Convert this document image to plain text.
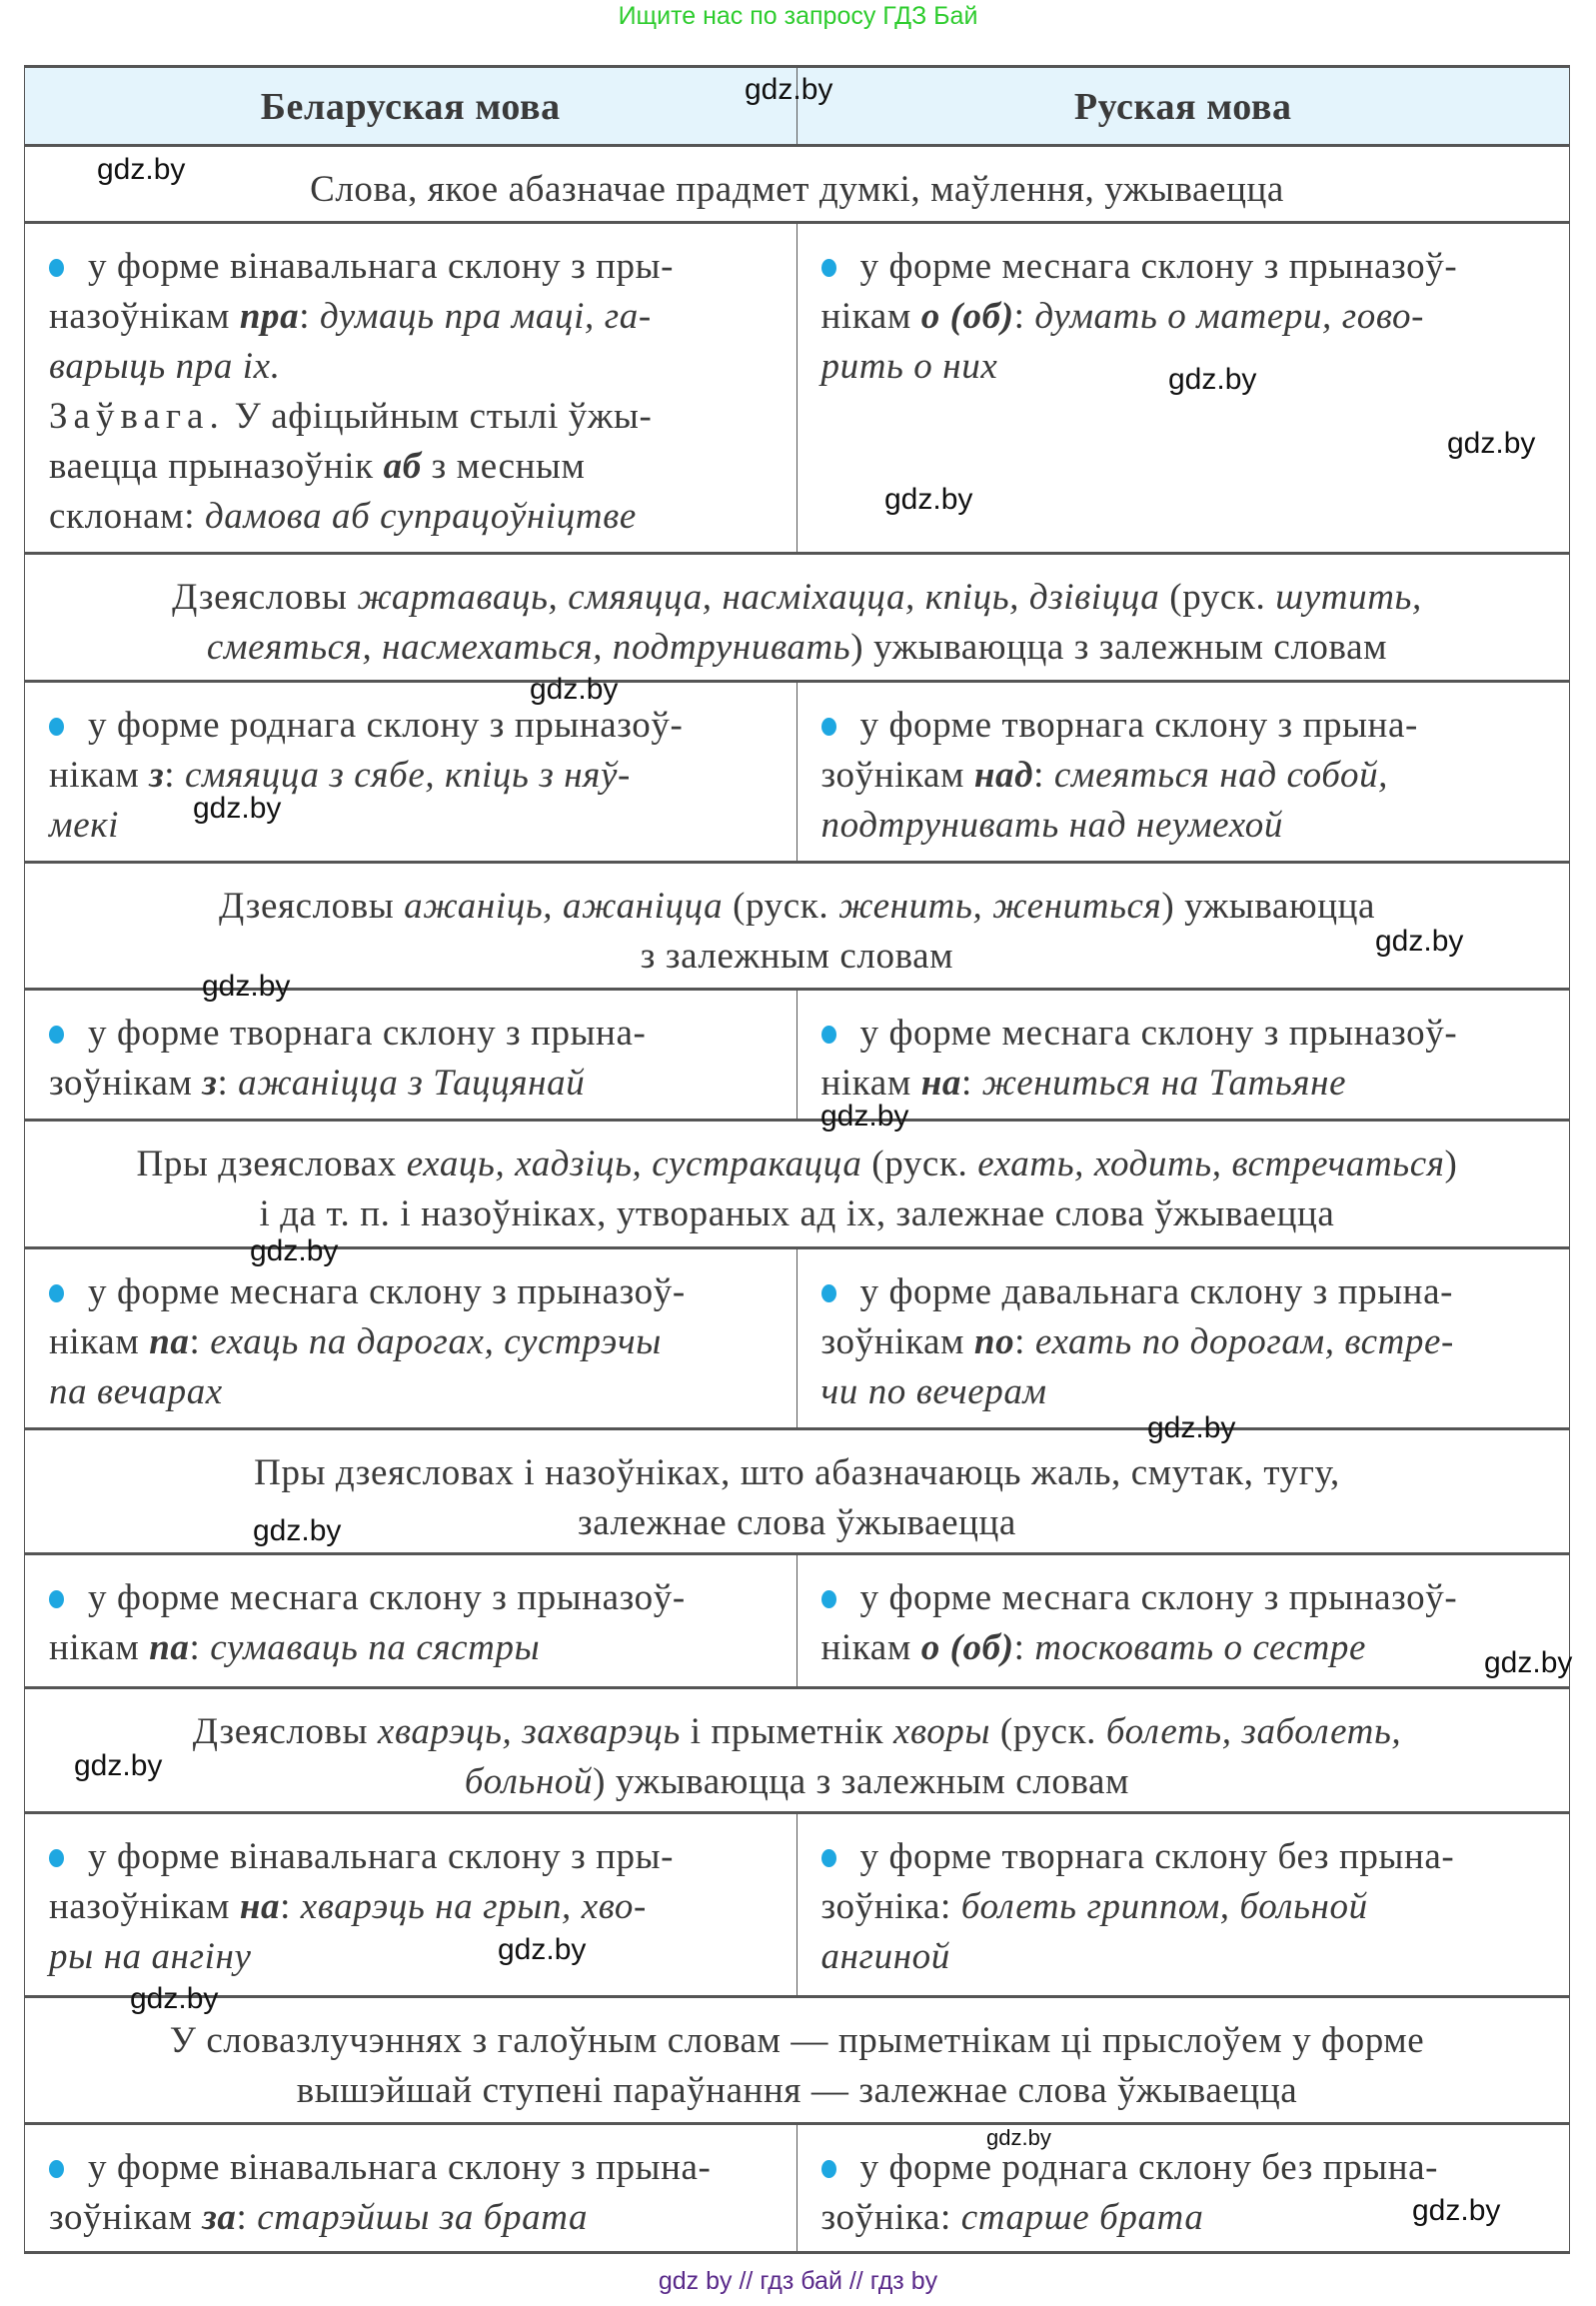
Ищите нас по запросу ГДЗ Бай
Беларуская мова	Руская мова
Слова, якое абазначае прадмет думкі, маўлення, ужываецца
у форме вінавальнага склону з пры-
назоўнікам пра: думаць пра маці, га-
варыць пра іх.
Заўвага. У афіцыйным стылі ўжы-
ваецца прыназоўнік аб з месным
склонам: дамова аб супрацоўніцтве
у форме меснага склону з прыназоў-
нікам о (об): думать о матери, гово-
рить о них
Дзеясловы жартаваць, смяяцца, насміхацца, кпіць, дзівіцца (руск. шутить,
смеяться, насмехаться, подтрунивать) ужываюцца з залежным словам
у форме роднага склону з прыназоў-
нікам з: смяяцца з сябе, кпіць з няў-
мекі
у форме творнага склону з прына-
зоўнікам над: смеяться над собой,
подтрунивать над неумехой
Дзеясловы ажаніць, ажаніцца (руск. женить, жениться) ужываюцца
з залежным словам
у форме творнага склону з прына-
зоўнікам з: ажаніцца з Таццянай
у форме меснага склону з прыназоў-
нікам на: жениться на Татьяне
Пры дзеясловах ехаць, хадзіць, сустракацца (руск. ехать, ходить, встречаться)
і да т. п. і назоўніках, утвораных ад іх, залежнае слова ўжываецца
у форме меснага склону з прыназоў-
нікам па: ехаць па дарогах, сустрэчы
па вечарах
у форме давальнага склону з прына-
зоўнікам по: ехать по дорогам, встре-
чи по вечерам
Пры дзеясловах і назоўніках, што абазначаюць жаль, смутак, тугу,
залежнае слова ўжываецца
у форме меснага склону з прыназоў-
нікам па: сумаваць па сястры
у форме меснага склону з прыназоў-
нікам о (об): тосковать о сестре
Дзеясловы хварэць, захварэць і прыметнік хворы (руск. болеть, заболеть,
больной) ужываюцца з залежным словам
у форме вінавальнага склону з пры-
назоўнікам на: хварэць на грып, хво-
ры на ангіну
у форме творнага склону без прына-
зоўніка: болеть гриппом, больной
ангиной
У словазлучэннях з галоўным словам — прыметнікам ці прыслоўем у форме
вышэйшай ступені параўнання — залежнае слова ўжываецца
у форме вінавальнага склону з прына-
зоўнікам за: старэйшы за брата
у форме роднага склону без прына-
зоўніка: старше брата
gdz by // гдз бай // гдз by
gdz.by
gdz.by
gdz.by
gdz.by
gdz.by
gdz.by
gdz.by
gdz.by
gdz.by
gdz.by
gdz.by
gdz.by
gdz.by
gdz.by
gdz.by
gdz.by
gdz.by
gdz.by
gdz.by
